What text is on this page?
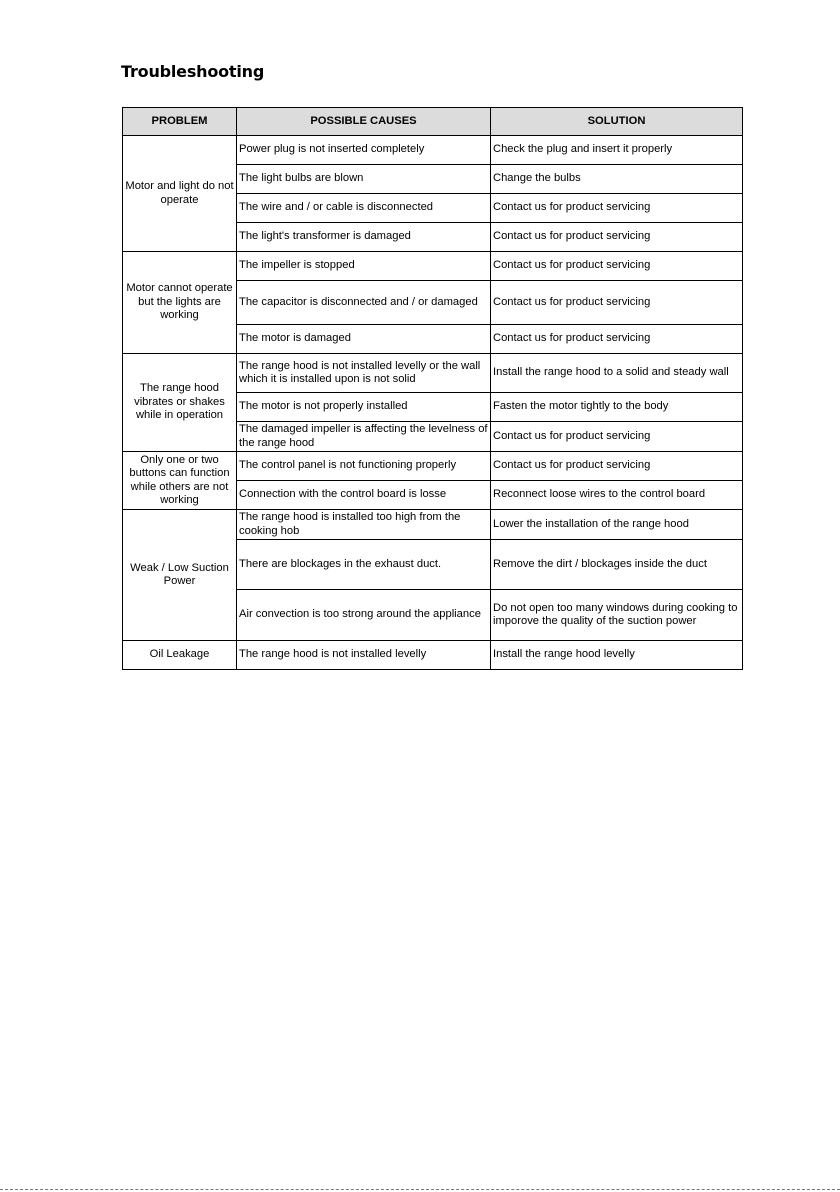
Troubleshooting
PROBLEM	POSSIBLE CAUSES	SOLUTION
Motor and light do not operate	Power plug is not inserted completely	Check the plug and insert it properly
	The light bulbs are blown	Change the bulbs
	The wire and / or cable is disconnected	Contact us for product servicing
	The light's transformer is damaged	Contact us for product servicing
Motor cannot operate but the lights are working	The impeller is stopped	Contact us for product servicing
	The capacitor is disconnected and / or damaged	Contact us for product servicing
	The motor is damaged	Contact us for product servicing
The range hood vibrates or shakes while in operation	The range hood is not installed levelly or the wall which it is installed upon is not solid	Install the range hood to a solid and steady wall
	The motor is not properly installed	Fasten the motor tightly to the body
	The damaged impeller is affecting the levelness of the range hood	Contact us for product servicing
Only one or two buttons can function while others are not working	The control panel is not functioning properly	Contact us for product servicing
	Connection with the control board is losse	Reconnect loose wires to the control board
Weak / Low Suction Power	The range hood is installed too high from the cooking hob	Lower the installation of the range hood
	There are blockages in the exhaust duct.	Remove the dirt / blockages inside the duct
	Air convection is too strong around the appliance	Do not open too many windows during cooking to imporove the quality of the suction power
Oil Leakage	The range hood is not installed levelly	Install the range hood levelly
